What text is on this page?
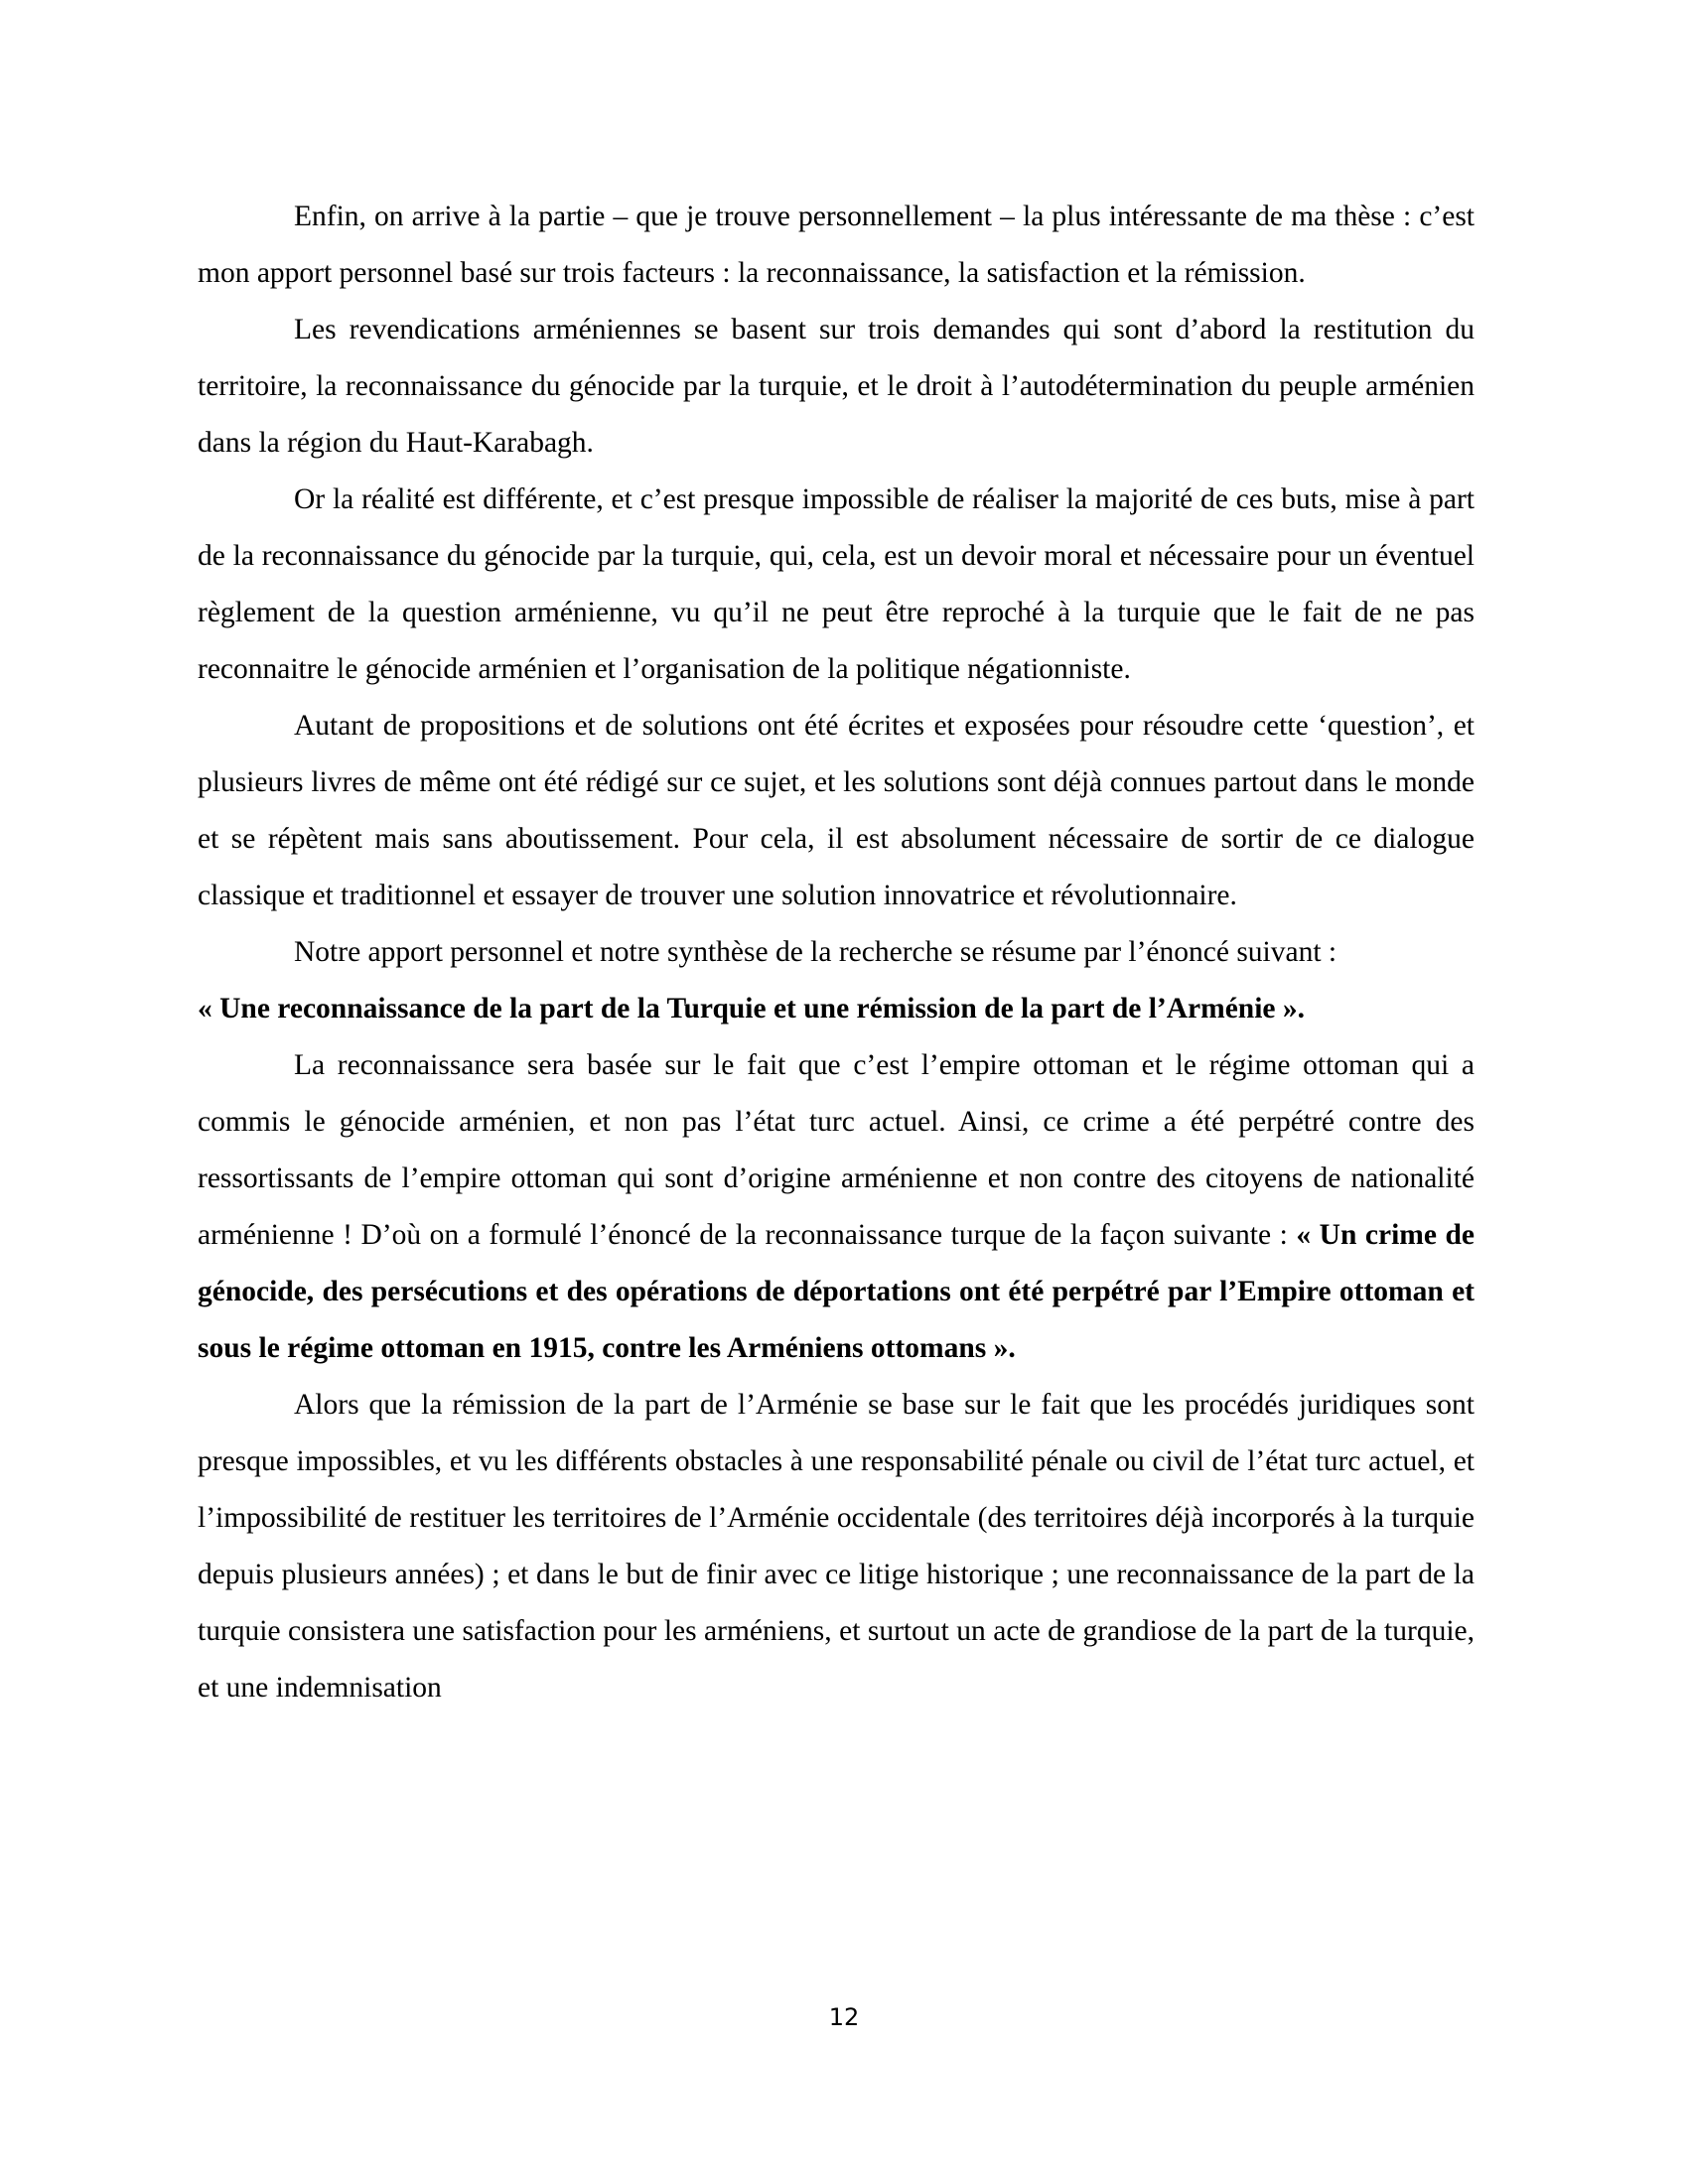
Enfin, on arrive à la partie – que je trouve personnellement – la plus intéressante de ma thèse : c’est mon apport personnel basé sur trois facteurs : la reconnaissance, la satisfaction et la rémission.

Les revendications arméniennes se basent sur trois demandes qui sont d’abord la restitution du territoire, la reconnaissance du génocide par la turquie, et le droit à l’autodétermination du peuple arménien dans la région du Haut-Karabagh.

Or la réalité est différente, et c’est presque impossible de réaliser la majorité de ces buts, mise à part de la reconnaissance du génocide par la turquie, qui, cela, est un devoir moral et nécessaire pour un éventuel règlement de la question arménienne, vu qu’il ne peut être reproché à la turquie que le fait de ne pas reconnaitre le génocide arménien et l’organisation de la politique négationniste.

Autant de propositions et de solutions ont été écrites et exposées pour résoudre cette ‘question’, et plusieurs livres de même ont été rédigé sur ce sujet, et les solutions sont déjà connues partout dans le monde et se répètent mais sans aboutissement. Pour cela, il est absolument nécessaire de sortir de ce dialogue classique et traditionnel et essayer de trouver une solution innovatrice et révolutionnaire.

Notre apport personnel et notre synthèse de la recherche se résume par l’énoncé suivant :

« Une reconnaissance de la part de la Turquie et une rémission de la part de l’Arménie ».

La reconnaissance sera basée sur le fait que c’est l’empire ottoman et le régime ottoman qui a commis le génocide arménien, et non pas l’état turc actuel. Ainsi, ce crime a été perpétré contre des ressortissants de l’empire ottoman qui sont d’origine arménienne et non contre des citoyens de nationalité arménienne ! D’où on a formulé l’énoncé de la reconnaissance turque de la façon suivante : « Un crime de génocide, des persécutions et des opérations de déportations ont été perpétré par l’Empire ottoman et sous le régime ottoman en 1915, contre les Arméniens ottomans ».

Alors que la rémission de la part de l’Arménie se base sur le fait que les procédés juridiques sont presque impossibles, et vu les différents obstacles à une responsabilité pénale ou civil de l’état turc actuel, et l’impossibilité de restituer les territoires de l’Arménie occidentale (des territoires déjà incorporés à la turquie depuis plusieurs années) ; et dans le but de finir avec ce litige historique ; une reconnaissance de la part de la turquie consistera une satisfaction pour les arméniens, et surtout un acte de grandiose de la part de la turquie, et une indemnisation

12
